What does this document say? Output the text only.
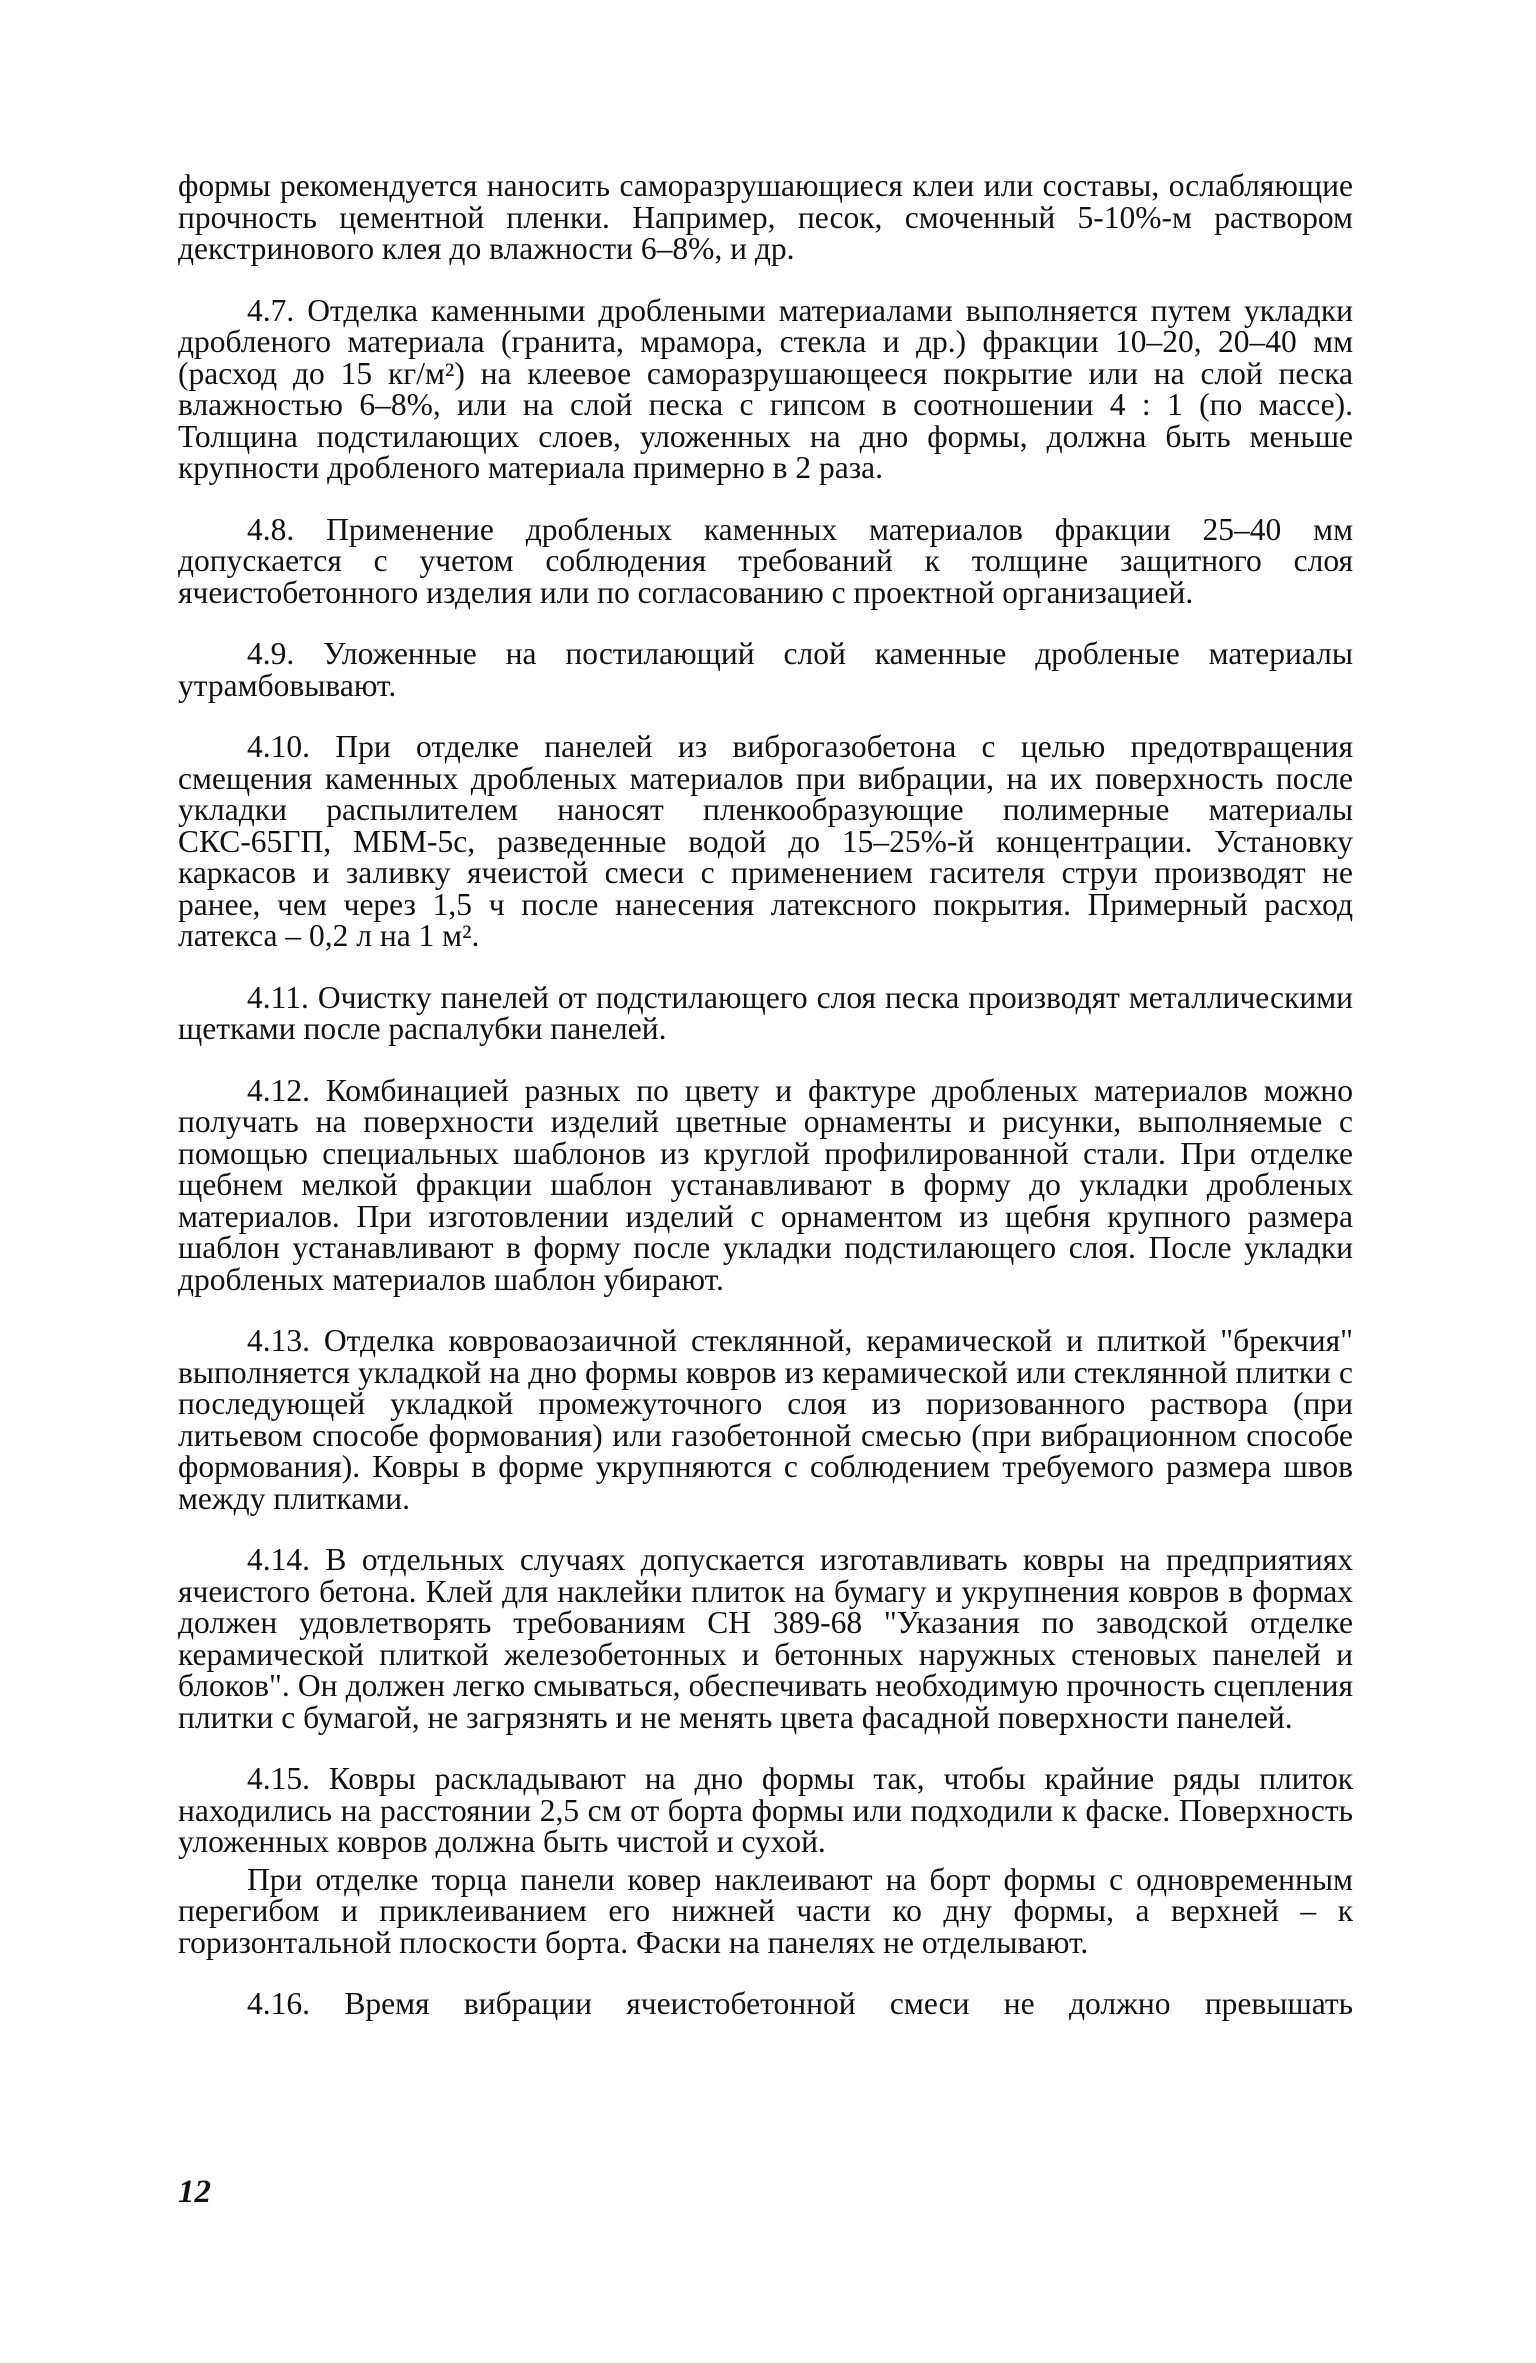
формы рекомендуется наносить саморазрушающиеся клеи или составы, ослабляющие прочность цементной пленки. Например, песок, смоченный 5-10%-м раствором декстринового клея до влажности 6–8%, и др.

4.7. Отделка каменными дроблеными материалами выполняется путем укладки дробленого материала (гранита, мрамора, стекла и др.) фракции 10–20, 20–40 мм (расход до 15 кг/м²) на клеевое саморазрушающееся покрытие или на слой песка влажностью 6–8%, или на слой песка с гипсом в соотношении 4 : 1 (по массе). Толщина подстилающих слоев, уложенных на дно формы, должна быть меньше крупности дробленого материала примерно в 2 раза.

4.8. Применение дробленых каменных материалов фракции 25–40 мм допускается с учетом соблюдения требований к толщине защитного слоя ячеистобетонного изделия или по согласованию с проектной организацией.

4.9. Уложенные на постилающий слой каменные дробленые материалы утрамбовывают.

4.10. При отделке панелей из виброгазобетона с целью предотвращения смещения каменных дробленых материалов при вибрации, на их поверхность после укладки распылителем наносят пленкообразующие полимерные материалы СКС-65ГП, МБМ-5с, разведенные водой до 15–25%-й концентрации. Установку каркасов и заливку ячеистой смеси с применением гасителя струи производят не ранее, чем через 1,5 ч после нанесения латексного покрытия. Примерный расход латекса – 0,2 л на 1 м².

4.11. Очистку панелей от подстилающего слоя песка производят металлическими щетками после распалубки панелей.

4.12. Комбинацией разных по цвету и фактуре дробленых материалов можно получать на поверхности изделий цветные орнаменты и рисунки, выполняемые с помощью специальных шаблонов из круглой профилированной стали. При отделке щебнем мелкой фракции шаблон устанавливают в форму до укладки дробленых материалов. При изготовлении изделий с орнаментом из щебня крупного размера шаблон устанавливают в форму после укладки подстилающего слоя. После укладки дробленых материалов шаблон убирают.

4.13. Отделка ковроваозаичной стеклянной, керамической и плиткой "брекчия" выполняется укладкой на дно формы ковров из керамической или стеклянной плитки с последующей укладкой промежуточного слоя из поризованного раствора (при литьевом способе формования) или газобетонной смесью (при вибрационном способе формования). Ковры в форме укрупняются с соблюдением требуемого размера швов между плитками.

4.14. В отдельных случаях допускается изготавливать ковры на предприятиях ячеистого бетона. Клей для наклейки плиток на бумагу и укрупнения ковров в формах должен удовлетворять требованиям СН 389-68 "Указания по заводской отделке керамической плиткой железобетонных и бетонных наружных стеновых панелей и блоков". Он должен легко смываться, обеспечивать необходимую прочность сцепления плитки с бумагой, не загрязнять и не менять цвета фасадной поверхности панелей.

4.15. Ковры раскладывают на дно формы так, чтобы крайние ряды плиток находились на расстоянии 2,5 см от борта формы или подходили к фаске. Поверхность уложенных ковров должна быть чистой и сухой.

При отделке торца панели ковер наклеивают на борт формы с одновременным перегибом и приклеиванием его нижней части ко дну формы, а верхней – к горизонтальной плоскости борта. Фаски на панелях не отделывают.

4.16. Время вибрации ячеистобетонной смеси не должно превышать

12
